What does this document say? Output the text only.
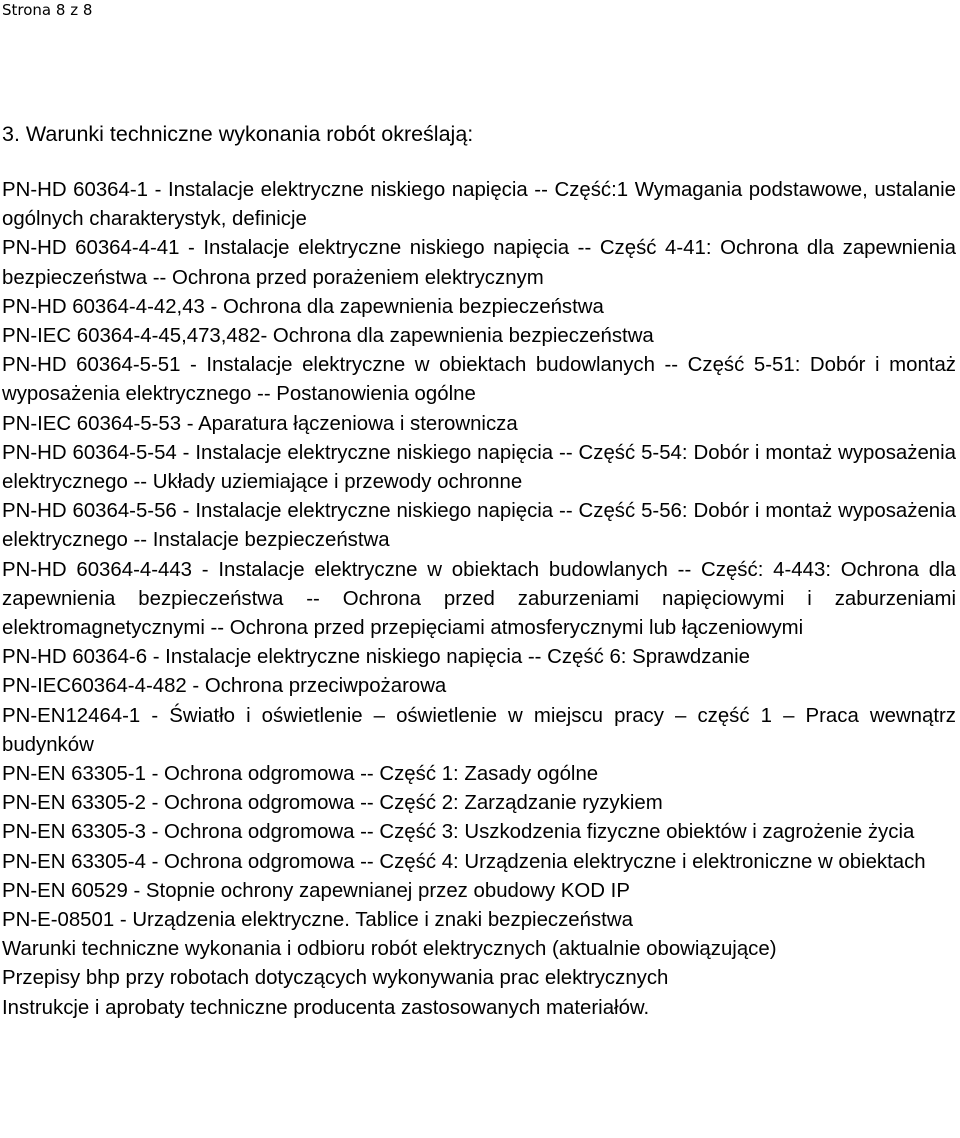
Strona 8 z 8
3. Warunki techniczne wykonania robót określają:

PN-HD 60364-1 - Instalacje elektryczne niskiego napięcia -- Część:1 Wymagania podstawowe, ustalanie ogólnych charakterystyk, definicje

PN-HD 60364-4-41 - Instalacje elektryczne niskiego napięcia -- Część 4-41: Ochrona dla zapewnienia bezpieczeństwa -- Ochrona przed porażeniem elektrycznym

PN-HD 60364-4-42,43 - Ochrona dla zapewnienia bezpieczeństwa

PN-IEC 60364-4-45,473,482- Ochrona dla zapewnienia bezpieczeństwa

PN-HD 60364-5-51 - Instalacje elektryczne w obiektach budowlanych -- Część 5-51: Dobór i montaż wyposażenia elektrycznego -- Postanowienia ogólne

PN-IEC 60364-5-53 - Aparatura łączeniowa i sterownicza

PN-HD 60364-5-54 - Instalacje elektryczne niskiego napięcia -- Część 5-54: Dobór i montaż wyposażenia elektrycznego -- Układy uziemiające i przewody ochronne

PN-HD 60364-5-56 - Instalacje elektryczne niskiego napięcia -- Część 5-56: Dobór i montaż wyposażenia elektrycznego -- Instalacje bezpieczeństwa

PN-HD 60364-4-443 - Instalacje elektryczne w obiektach budowlanych -- Część: 4-443: Ochrona dla zapewnienia bezpieczeństwa -- Ochrona przed zaburzeniami napięciowymi i zaburzeniami elektromagnetycznymi -- Ochrona przed przepięciami atmosferycznymi lub łączeniowymi

PN-HD 60364-6 - Instalacje elektryczne niskiego napięcia -- Część 6: Sprawdzanie

PN-IEC60364-4-482 - Ochrona przeciwpożarowa

PN-EN12464-1 - Światło i oświetlenie – oświetlenie w miejscu pracy – część 1 – Praca wewnątrz budynków

PN-EN 63305-1 - Ochrona odgromowa -- Część 1: Zasady ogólne

PN-EN 63305-2 - Ochrona odgromowa -- Część 2: Zarządzanie ryzykiem

PN-EN 63305-3 - Ochrona odgromowa -- Część 3: Uszkodzenia fizyczne obiektów i zagrożenie życia

PN-EN 63305-4 - Ochrona odgromowa -- Część 4: Urządzenia elektryczne i elektroniczne w obiektach

PN-EN 60529 - Stopnie ochrony zapewnianej przez obudowy KOD IP

PN-E-08501 - Urządzenia elektryczne. Tablice i znaki bezpieczeństwa

Warunki techniczne wykonania i odbioru robót elektrycznych (aktualnie obowiązujące)

Przepisy bhp przy robotach dotyczących wykonywania prac elektrycznych

Instrukcje i aprobaty techniczne producenta zastosowanych materiałów.
